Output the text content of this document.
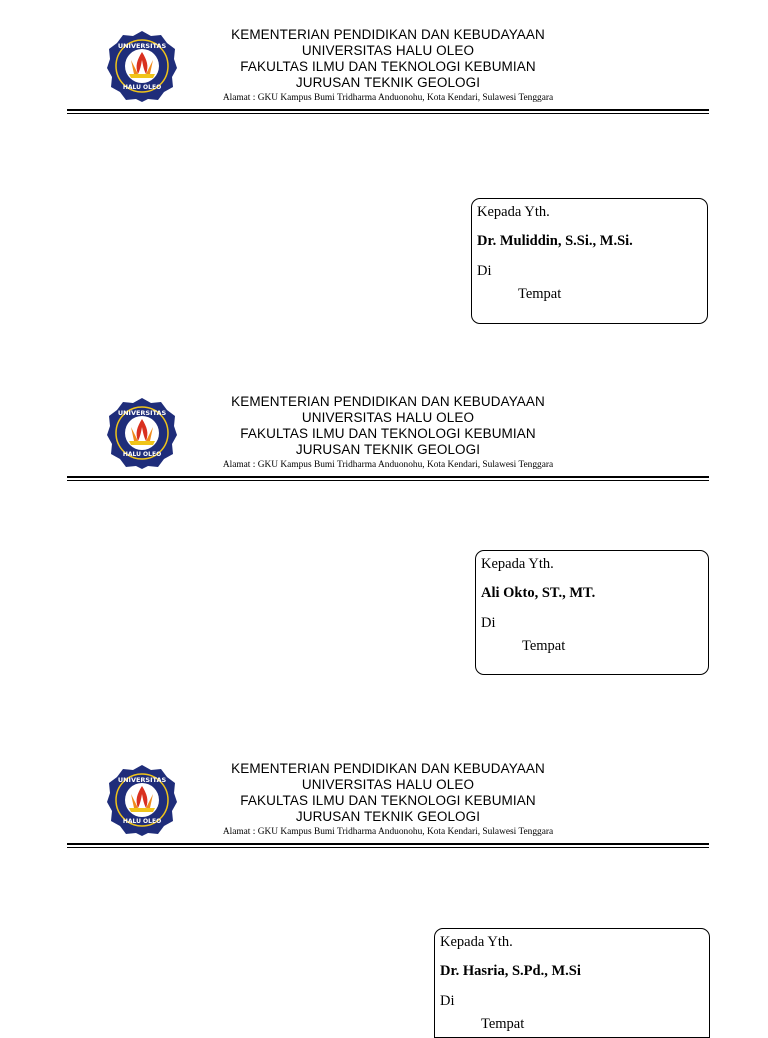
UNIVERSITAS
HALU OLEO
KEMENTERIAN PENDIDIKAN DAN KEBUDAYAAN
UNIVERSITAS HALU OLEO
FAKULTAS ILMU DAN TEKNOLOGI KEBUMIAN
JURUSAN TEKNIK GEOLOGI
Alamat : GKU Kampus Bumi Tridharma Anduonohu, Kota Kendari, Sulawesi Tenggara
Kepada Yth.
Dr. Muliddin, S.Si., M.Si.
Di
Tempat
UNIVERSITAS
HALU OLEO
KEMENTERIAN PENDIDIKAN DAN KEBUDAYAAN
UNIVERSITAS HALU OLEO
FAKULTAS ILMU DAN TEKNOLOGI KEBUMIAN
JURUSAN TEKNIK GEOLOGI
Alamat : GKU Kampus Bumi Tridharma Anduonohu, Kota Kendari, Sulawesi Tenggara
Kepada Yth.
Ali Okto, ST., MT.
Di
Tempat
UNIVERSITAS
HALU OLEO
KEMENTERIAN PENDIDIKAN DAN KEBUDAYAAN
UNIVERSITAS HALU OLEO
FAKULTAS ILMU DAN TEKNOLOGI KEBUMIAN
JURUSAN TEKNIK GEOLOGI
Alamat : GKU Kampus Bumi Tridharma Anduonohu, Kota Kendari, Sulawesi Tenggara
Kepada Yth.
Dr. Hasria, S.Pd., M.Si
Di
Tempat
